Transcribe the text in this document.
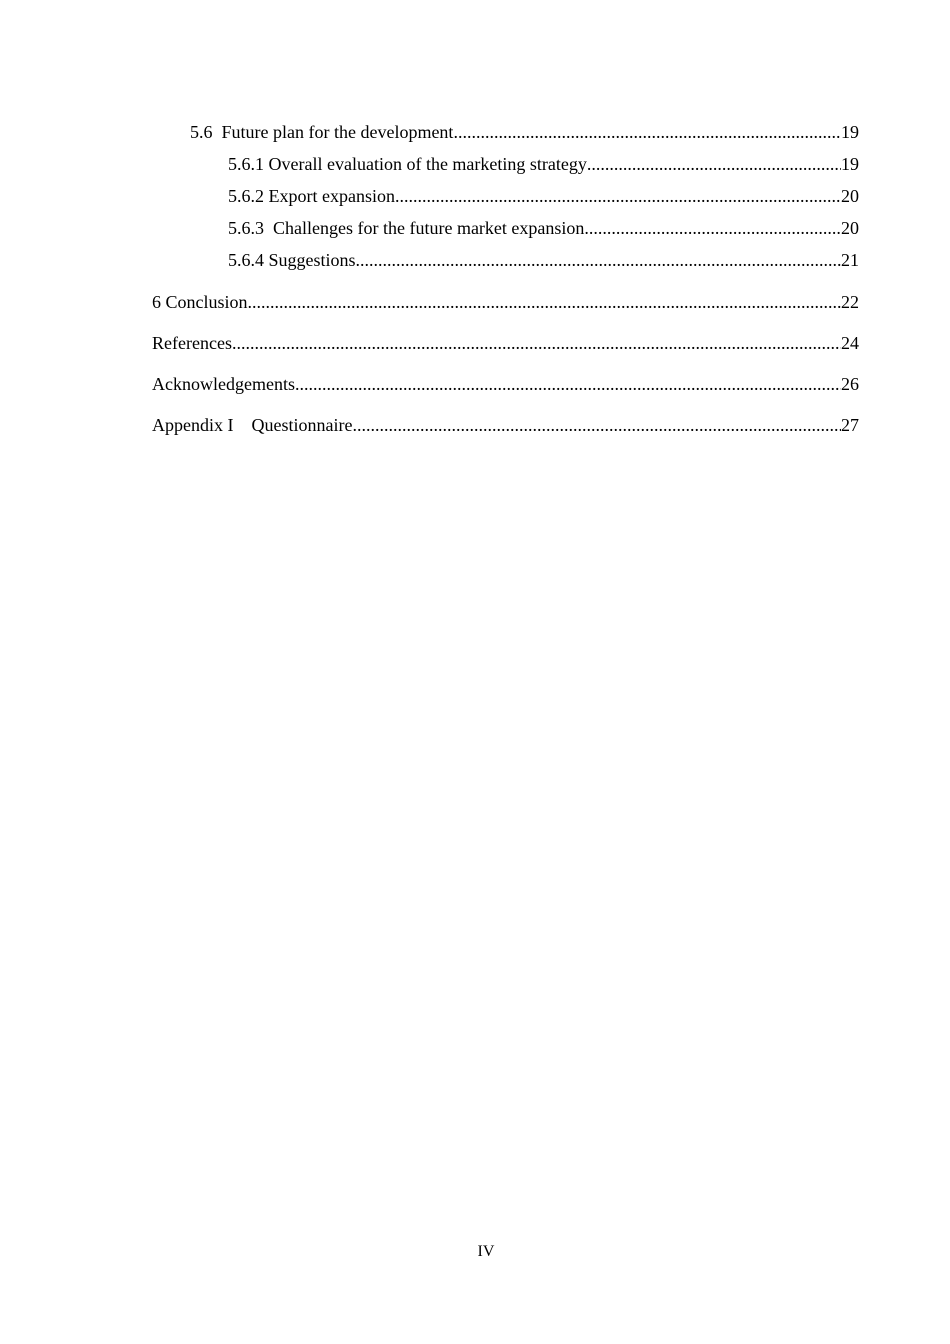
5.6  Future plan for the development .....	19
5.6.1 Overall evaluation of the marketing strategy .....	19
5.6.2 Export expansion .....	20
5.6.3  Challenges for the future market expansion .....	20
5.6.4 Suggestions .....	21
6 Conclusion .....	22
References .....	24
Acknowledgements .....	26
Appendix I    Questionnaire .....	27
IV
